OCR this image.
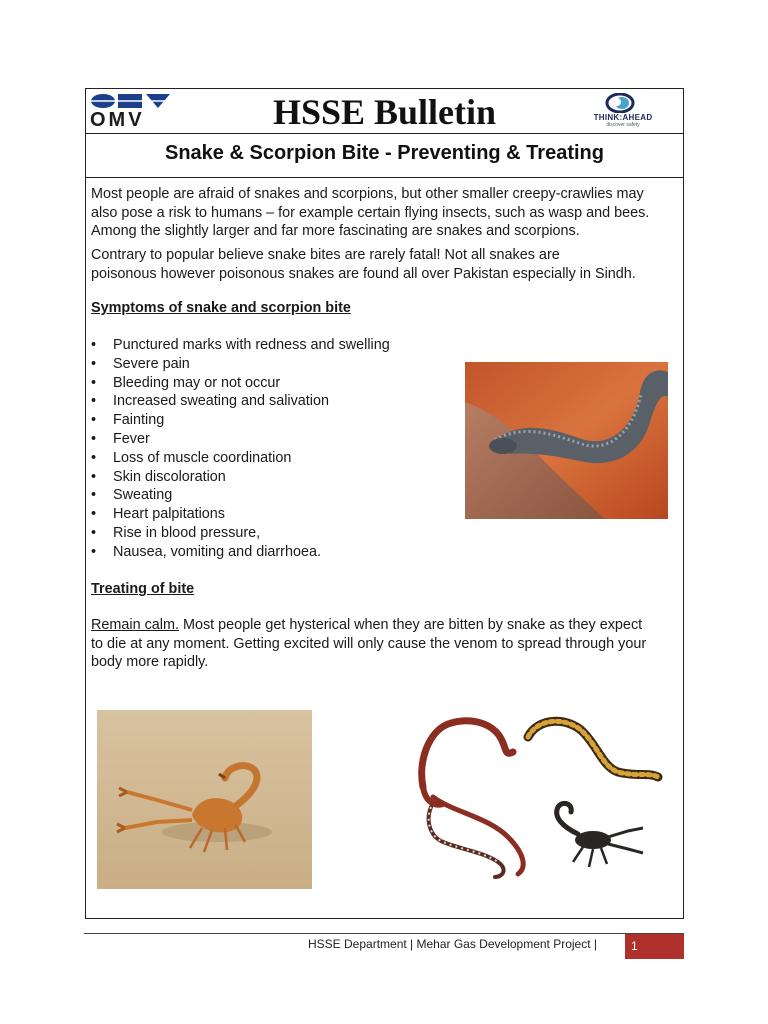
OMV	HSSE Bulletin	THINK:AHEAD
discover safety
Snake & Scorpion Bite - Preventing & Treating

Most people are afraid of snakes and scorpions, but other smaller creepy-crawlies may

also pose a risk to humans – for example certain flying insects, such as wasp and bees.

Among the slightly larger and far more fascinating are snakes and scorpions.

Contrary to popular believe snake bites are rarely fatal! Not all snakes are

poisonous however poisonous snakes are found all over Pakistan especially in Sindh.

Symptoms of snake and scorpion bite
• Punctured marks with redness and swelling
• Severe pain
• Bleeding may or not occur
• Increased sweating and salivation
• Fainting
• Fever
• Loss of muscle coordination
• Skin discoloration
• Sweating
• Heart palpitations
• Rise in blood pressure,
• Nausea, vomiting and diarrhoea.
Treating of bite

Remain calm. Most people get hysterical when they are bitten by snake as they expect

to die at any moment. Getting excited will only cause the venom to spread through your

body more rapidly.

HSSE Department | Mehar Gas Development Project |	1
